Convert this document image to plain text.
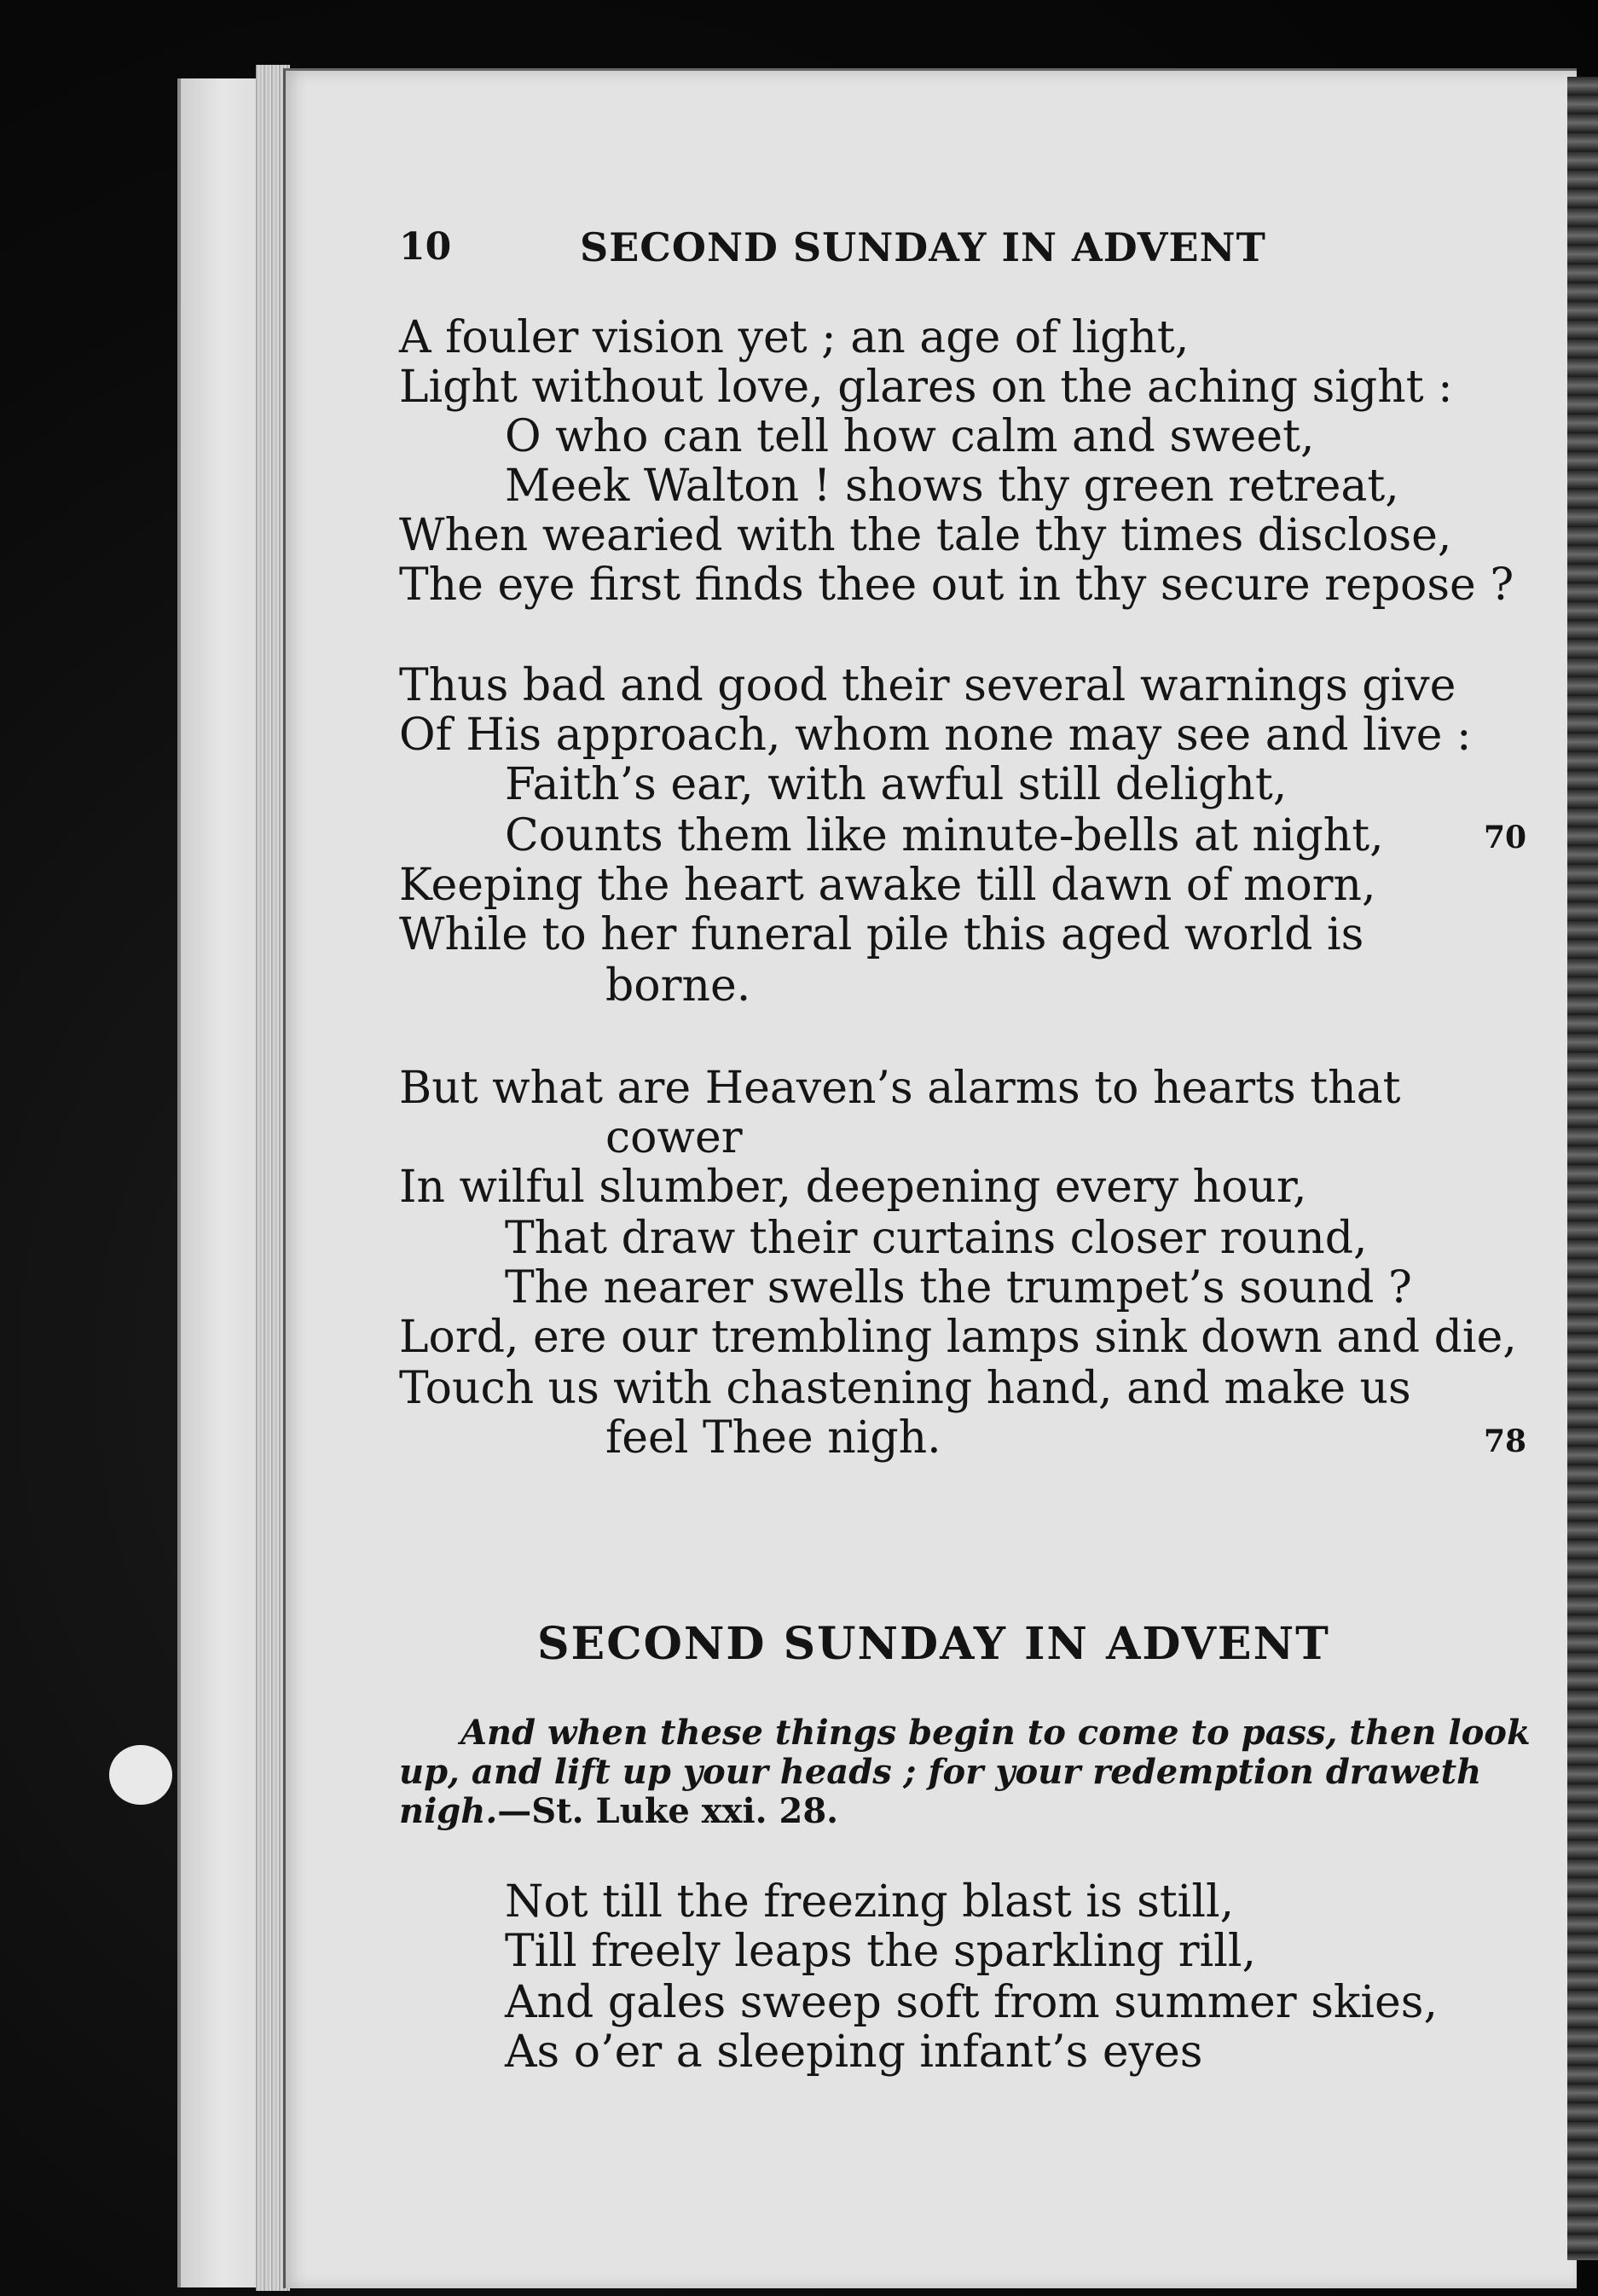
10	SECOND SUNDAY IN ADVENT
A fouler vision yet ; an age of light,
Light without love, glares on the aching sight :
O who can tell how calm and sweet,
Meek Walton ! shows thy green retreat,
When wearied with the tale thy times disclose,
The eye first finds thee out in thy secure repose ?
Thus bad and good their several warnings give
Of His approach, whom none may see and live :
Faith’s ear, with awful still delight,
Counts them like minute-bells at night,	70
Keeping the heart awake till dawn of morn,
While to her funeral pile this aged world is
borne.
But what are Heaven’s alarms to hearts that
cower
In wilful slumber, deepening every hour,
That draw their curtains closer round,
The nearer swells the trumpet’s sound ?
Lord, ere our trembling lamps sink down and die,
Touch us with chastening hand, and make us
feel Thee nigh.	78
SECOND SUNDAY IN ADVENT
And when these things begin to come to pass, then look
up, and lift up your heads ; for your redemption draweth
nigh.—St. Luke xxi. 28.
Not till the freezing blast is still,
Till freely leaps the sparkling rill,
And gales sweep soft from summer skies,
As o’er a sleeping infant’s eyes
